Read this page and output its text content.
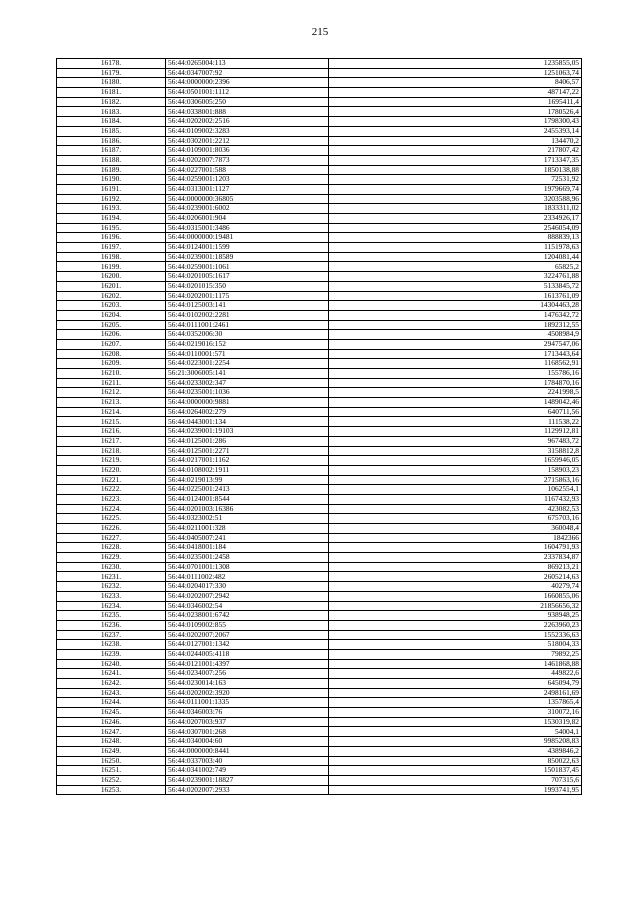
215
16178.	56:44:0265004:113	1235855,05
16179.	56:44:0347007:92	1251063,74
16180.	56:44:0000000:2396	8406,57
16181.	56:44:0501001:1112	487147,22
16182.	56:44:0306005:250	1695411,4
16183.	56:44:0338001:888	1780526,4
16184.	56:44:0202002:2516	1798300,43
16185.	56:44:0109002:3283	2455393,14
16186.	56:44:0302001:2212	134470,2
16187.	56:44:0109001:8036	217807,42
16188.	56:44:0202007:7873	1713347,35
16189.	56:44:0227001:588	1850138,88
16190.	56:44:0259001:1203	72531,92
16191.	56:44:0313001:1127	1979669,74
16192.	56:44:0000000:36805	3203588,96
16193.	56:44:0239001:6002	1833311,02
16194.	56:44:0206001:904	2334926,17
16195.	56:44:0315001:3486	2546054,09
16196.	56:44:0000000:19481	888839,13
16197.	56:44:0124001:1599	1151978,63
16198.	56:44:0239001:18589	1204081,44
16199.	56:44:0259001:1061	65825,2
16200.	56:44:0201005:1617	3224761,88
16201.	56:44:0201015:350	5133845,72
16202.	56:44:0202001:1175	1613761,09
16203.	56:44:0125003:141	14304463,28
16204.	56:44:0102002:2281	1476342,72
16205.	56:44:0111001:2461	1892312,55
16206.	56:44:0352006:30	4508984,9
16207.	56:44:0219016:152	2947547,06
16208.	56:44:0110001:571	1713443,64
16209.	56:44:0223001:2254	1168562,91
16210.	56:21:3006005:141	155786,16
16211.	56:44:0233002:347	1784870,16
16212.	56:44:0235001:1036	2241998,5
16213.	56:44:0000000:9881	1489042,46
16214.	56:44:0264002:279	640711,56
16215.	56:44:0443001:134	111538,22
16216.	56:44:0239001:19103	1129912,81
16217.	56:44:0125001:286	967483,72
16218.	56:44:0125001:2271	3158812,8
16219.	56:44:0217001:1162	1659946,05
16220.	56:44:0108002:1911	158903,23
16221.	56:44:0219013:99	2715863,16
16222.	56:44:0225001:2413	1062554,1
16223.	56:44:0124001:8544	1167432,93
16224.	56:44:0201003:16386	423082,53
16225.	56:44:0323002:51	675703,16
16226.	56:44:0211001:328	360048,4
16227.	56:44:0405007:241	1842366
16228.	56:44:0418001:184	1604791,93
16229.	56:44:0235001:2458	2337834,87
16230.	56:44:0701001:1308	869213,21
16231.	56:44:0111002:482	2605214,63
16232.	56:44:0204017:330	40279,74
16233.	56:44:0202007:2942	1660855,06
16234.	56:44:0346002:54	21856656,32
16235.	56:44:0238001:6742	938948,25
16236.	56:44:0109002:855	2263960,23
16237.	56:44:0202007:2067	1552336,63
16238.	56:44:0127001:1342	518004,33
16239.	56:44:0244005:4118	79892,25
16240.	56:44:0121001:4397	1461868,88
16241.	56:44:0234007:256	449822,6
16242.	56:44:0230014:163	645094,79
16243.	56:44:0202002:3920	2498161,69
16244.	56:44:0111001:1335	1357865,4
16245.	56:44:0346003:76	310072,16
16246.	56:44:0207003:937	1530319,82
16247.	56:44:0307001:268	54004,1
16248.	56:44:0340004:60	9985208,83
16249.	56:44:0000000:8441	4389846,2
16250.	56:44:0337003:40	850022,63
16251.	56:44:0341002:749	1501837,45
16252.	56:44:0239001:18827	707315,6
16253.	56:44:0202007:2933	1993741,95
